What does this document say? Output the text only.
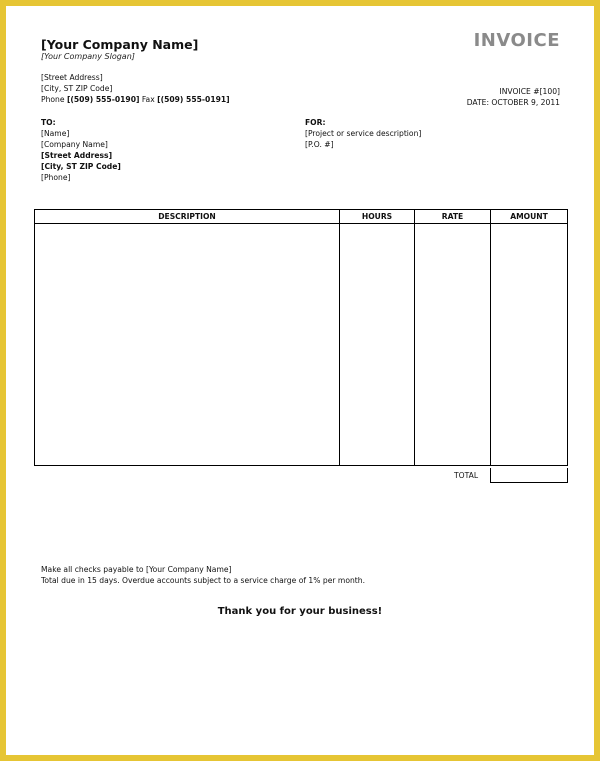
[Your Company Name]
[Your Company Slogan]
INVOICE
[Street Address]
[City, ST ZIP Code]
Phone [(509) 555-0190] Fax [(509) 555-0191]
INVOICE #[100]
DATE: OCTOBER 9, 2011
TO:
[Name]
[Company Name]
[Street Address]
[City, ST ZIP Code]
[Phone]
FOR:
[Project or service description]
[P.O. #]
DESCRIPTION	HOURS	RATE	AMOUNT

TOTAL
Make all checks payable to [Your Company Name]
Total due in 15 days. Overdue accounts subject to a service charge of 1% per month.
Thank you for your business!
